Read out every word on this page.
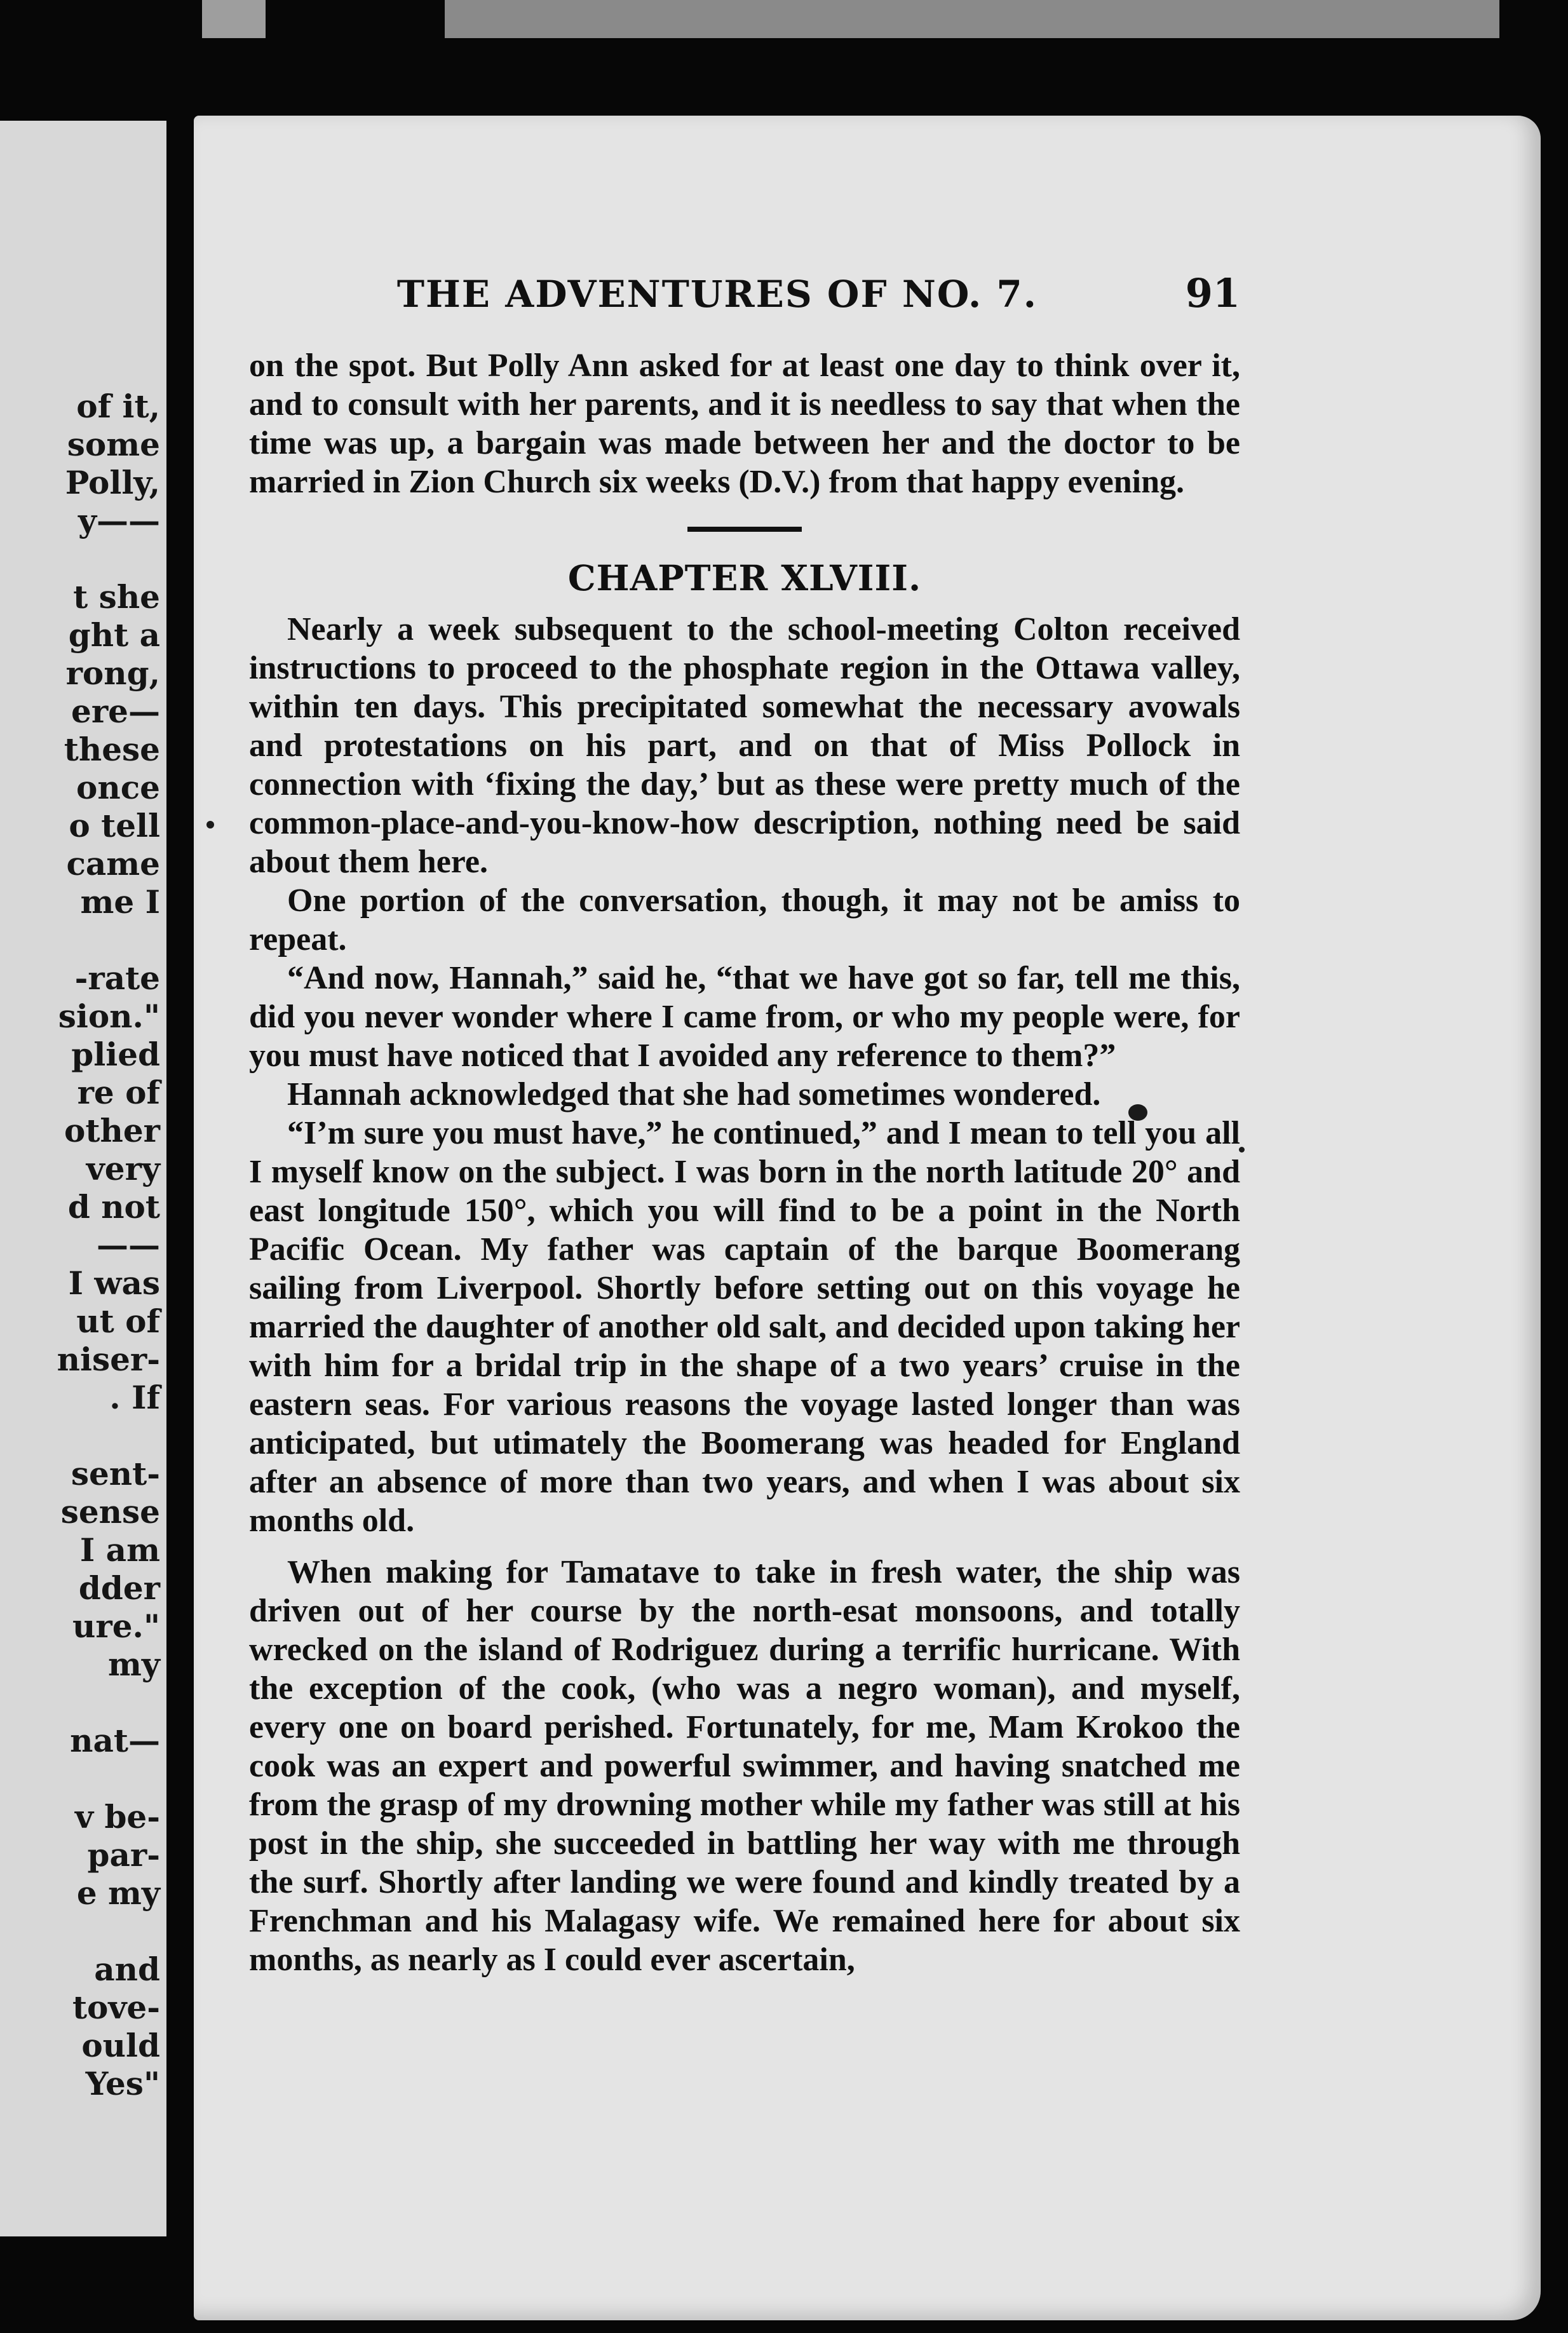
of it,

some

Polly,

y——

t she

ght a

rong,

ere—

these

once

o tell

came

me I

-rate

sion."

plied

re of

other

very

d not

——

I was

ut of

niser-

. If

sent-

sense

I am

dder

ure."

my

nat—

v be-

par-

e my

and

tove-

ould

Yes"

THE ADVENTURES OF NO. 7.	91

on the spot. But Polly Ann asked for at least one day to think over it, and to consult with her parents, and it is needless to say that when the time was up, a bargain was made between her and the doctor to be married in Zion Church six weeks (D.V.) from that happy evening.

CHAPTER XLVIII.

Nearly a week subsequent to the school-meeting Colton received instructions to proceed to the phosphate region in the Ottawa valley, within ten days. This precipitated somewhat the necessary avowals and protestations on his part, and on that of Miss Pollock in connection with ‘fixing the day,’ but as these were pretty much of the common-place-and-you-know-how description, nothing need be said about them here.

One portion of the conversation, though, it may not be amiss to repeat.

“And now, Hannah,” said he, “that we have got so far, tell me this, did you never wonder where I came from, or who my people were, for you must have noticed that I avoided any reference to them?”

Hannah acknowledged that she had sometimes wondered.

“I’m sure you must have,” he continued,” and I mean to tell you all I myself know on the subject. I was born in the north latitude 20° and east longitude 150°, which you will find to be a point in the North Pacific Ocean. My father was captain of the barque Boomerang sailing from Liverpool. Shortly before setting out on this voyage he married the daughter of another old salt, and decided upon taking her with him for a bridal trip in the shape of a two years’ cruise in the eastern seas. For various reasons the voyage lasted longer than was anticipated, but utimately the Boomerang was headed for England after an absence of more than two years, and when I was about six months old.

When making for Tamatave to take in fresh water, the ship was driven out of her course by the north-esat monsoons, and totally wrecked on the island of Rodriguez during a terrific hurricane. With the exception of the cook, (who was a negro woman), and myself, every one on board perished. Fortunately, for me, Mam Krokoo the cook was an expert and powerful swimmer, and having snatched me from the grasp of my drowning mother while my father was still at his post in the ship, she succeeded in battling her way with me through the surf. Shortly after landing we were found and kindly treated by a Frenchman and his Malagasy wife. We remained here for about six months, as nearly as I could ever ascertain,
